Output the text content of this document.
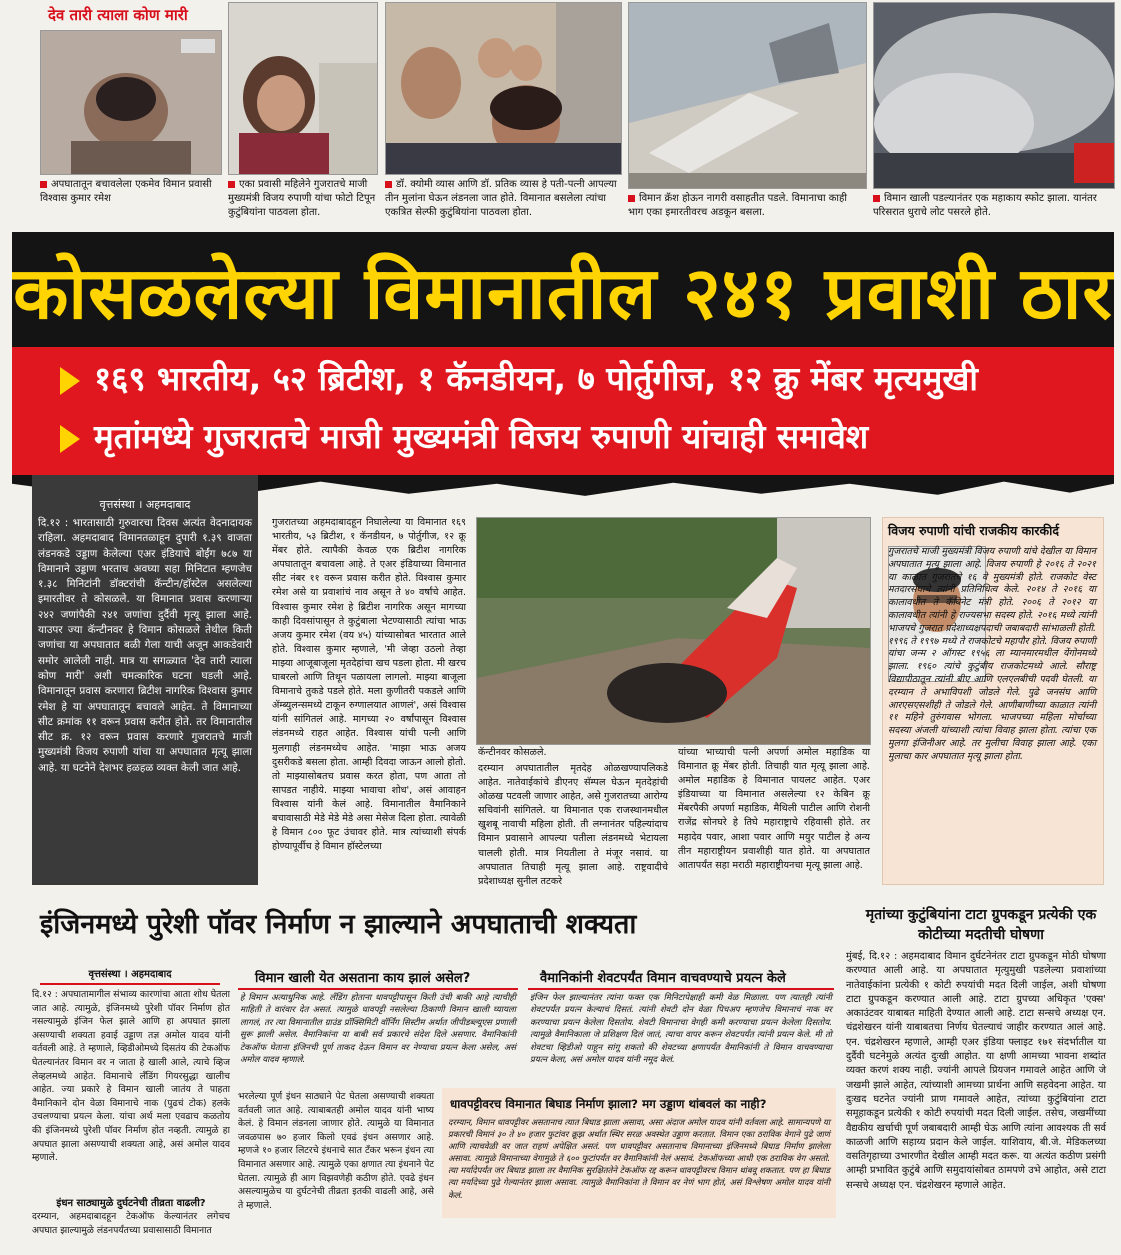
देव तारी त्याला कोण मारी
अपघातातून बचावलेला एकमेव विमान प्रवासी विश्वास कुमार रमेश
एका प्रवासी महिलेने गुजरातचे माजी मुख्यमंत्री विजय रुपाणी यांचा फोटो टिपून कुटुंबियांना पाठवला होता.
डॉ. क्योमी व्यास आणि डॉ. प्रतिक व्यास हे पती-पत्नी आपल्या तीन मुलांना घेऊन लंडनला जात होते. विमानात बसलेला त्यांचा एकत्रित सेल्फी कुटुंबियांना पाठवला होता.
विमान क्रॅश होऊन नागरी वसाहतीत पडले. विमानाचा काही भाग एका इमारतीवरच अडकून बसला.
विमान खाली पडल्यानंतर एक महाकाय स्फोट झाला. यानंतर परिसरात धुराचे लोट पसरले होते.
कोसळलेल्या विमानातील २४१ प्रवाशी ठार
१६९ भारतीय, ५२ ब्रिटीश, १ कॅनडीयन, ७ पोर्तुगीज, १२ क्रु मेंबर मृत्यमुखी
मृतांमध्ये गुजरातचे माजी मुख्यमंत्री विजय रुपाणी यांचाही समावेश
वृत्तसंस्था । अहमदाबाद
दि.१२ : भारतासाठी गुरुवारचा दिवस अत्यंत वेदनादायक राहिला. अहमदाबाद विमानतळाहून दुपारी १.३९ वाजता लंडनकडे उड्डाण केलेल्या एअर इंडियाचे बोईंग ७८७ या विमानाने उड्डाण भरताच अवघ्या सहा मिनिटात म्हणजेच १.३८ मिनिटांनी डॉक्टरांची कॅन्टीन/हॉस्टेल असलेल्या इमारतीवर ते कोसळले. या विमानात प्रवास करणाऱ्या २४२ जणांपैकी २४१ जणांचा दुर्दैवी मृत्यू झाला आहे. याउपर ज्या कॅन्टीनवर हे विमान कोसळले तेथील किती जणांचा या अपघातात बळी गेला याची अजून आकडेवारी समोर आलेली नाही. मात्र या सगळ्यात 'देव तारी त्याला कोण मारी' अशी चमत्कारिक घटना घडली आहे. विमानातून प्रवास करणारा ब्रिटीश नागरिक विश्वास कुमार रमेश हे या अपघातातून बचावले आहेत. ते विमानाच्या सीट क्रमांक ११ वरून प्रवास करीत होते. तर विमानातील सीट क्र. १२ वरून प्रवास करणारे गुजरातचे माजी मुख्यमंत्री विजय रुपाणी यांचा या अपघातात मृत्यू झाला आहे. या घटनेने देशभर हळहळ व्यक्त केली जात आहे.
गुजरातच्या अहमदाबादहून निघालेल्या या विमानात १६९ भारतीय, ५३ ब्रिटीश, १ कॅनडीयन, ७ पोर्तुगीज, १२ क्रू मेंबर होते. त्यापैकी केवळ एक ब्रिटीश नागरिक अपघातातून बचावला आहे. ते एअर इंडियाच्या विमानात सीट नंबर ११ वरून प्रवास करीत होते. विश्वास कुमार रमेश असे या प्रवाशांचं नाव असून ते ४० वर्षांचे आहेत. विश्वास कुमार रमेश हे ब्रिटीश नागरिक असून मागच्या काही दिवसांपासून ते कुटुंबाला भेटण्यासाठी त्यांचा भाऊ अजय कुमार रमेश (वय ४५) यांच्यासोबत भारतात आले होते. विश्वास कुमार म्हणाले, 'मी जेव्हा उठलो तेव्हा माझ्या आजूबाजूला मृतदेहांचा खच पडला होता. मी खरच घाबरलो आणि तिथून पळायला लागलो. माझ्या बाजूला विमानाचे तुकडे पडले होते. मला कुणीतरी पकडले आणि ॲम्ब्युलन्समध्ये टाकून रुग्णालयात आणलं', असं विश्वास यांनी सांगितलं आहे. मागच्या २० वर्षांपासून विश्वास लंडनमध्ये राहत आहेत. विश्वास यांची पत्नी आणि मुलगाही लंडनमध्येच आहेत. 'माझा भाऊ अजय दुसरीकडे बसला होता. आम्ही दिवदा जाऊन आलो होतो. तो माझ्यासोबतच प्रवास करत होता, पण आता तो सापडत नाहीये. माझ्या भावाचा शोध', असं आवाहन विश्वास यांनी केलं आहे. विमानातील वैमानिकाने बचावासाठी मेडे मेडे मेडे असा मेसेज दिला होता. त्यावेळी हे विमान ८०० फूट उंचावर होते. मात्र त्यांच्याशी संपर्क होण्यापूर्वीच हे विमान हॉस्टेलच्या
कॅन्टीनवर कोसळले.
दरम्यान अपघातातील मृतदेह ओळखण्यापलिकडे आहेत. नातेवाईकांचे डीएनए सॅम्पल घेऊन मृतदेहांची ओळख पटवली जाणार आहेत, असे गुजरातच्या आरोग्य सचिवांनी सांगितले. या विमानात एक राजस्थानमधील खुशबू नावाची महिला होती. ती लग्नानंतर पहिल्यांदाच विमान प्रवासाने आपल्या पतीला लंडनमध्ये भेटायला चालली होती. मात्र नियतीला ते मंजूर नसावं. या अपघातात तिचाही मृत्यू झाला आहे. राष्ट्रवादीचे प्रदेशाध्यक्ष सुनील तटकरे
यांच्या भाच्याची पत्नी अपर्णा अमोल महाडिक या विमानात क्रू मेंबर होती. तिचाही यात मृत्यू झाला आहे. अमोल महाडिक हे विमानात पायलट आहेत. एअर इंडियाच्या या विमानात असलेल्या १२ केबिन क्रू मेंबरपैकी अपर्णा महाडिक, मैथिली पाटील आणि रोशनी राजेंद्र सोनघरे हे तिघे महाराष्ट्राचे रहिवासी होते. तर महादेव पवार, आशा पवार आणि मयुर पाटील हे अन्य तीन महाराष्ट्रीयन प्रवाशीही यात होते. या अपघातात आतापर्यंत सहा मराठी महाराष्ट्रीयनचा मृत्यू झाला आहे.
विजय रुपाणी यांची राजकीय कारकीर्द
गुजरातचे माजी मुख्यमंत्री विजय रुपाणी यांचे देखील या विमान अपघातात मृत्यू झाला आहे. विजय रुपाणी हे २०१६ ते २०२१ या काळात गुजरातचे १६ वे मुख्यमंत्री होते. राजकोट वेस्ट मतदारसंघाचे त्यांनी प्रतिनिधित्व केले. २०१४ ते २०१६ या कालावधीत ते कॅबिनेट मंत्री होते. २००६ ते २०१२ या कालावधीत त्यांनी हे राज्यसभा सदस्य होते. २०१६ मध्ये त्यांनी भाजपचे गुजरात प्रदेशाध्यक्षपदाची जबाबदारी सांभाळली होती. १९९६ ते १९९७ मध्ये ते राजकोटचे महापौर होते. विजय रुपाणी यांचा जन्म २ ऑगस्ट १९५६ ला म्यानमारमधील येंगोनमध्ये झाला. १९६० त्यांचे कुटुंबीय राजकोटमध्ये आले. सौराष्ट्र विद्यापीठातून त्यांनी बीए आणि एलएलबीची पदवी घेतली. या दरम्यान ते अभाविपशी जोडले गेले. पुढे जनसंघ आणि आरएसएसशीही ते जोडले गेले. आणीबाणीच्या काळात त्यांनी ११ महिने तुरुंगवास भोगला. भाजपच्या महिला मोर्चाच्या सदस्या अंजली यांच्याशी त्यांचा विवाह झाला होता. त्यांचा एक मुलगा इंजिनीअर आहे. तर मुलीचा विवाह झाला आहे. एका मुलाचा कार अपघातात मृत्यू झाला होता.
इंजिनमध्ये पुरेशी पॉवर निर्माण न झाल्याने अपघाताची शक्यता
वृत्तसंस्था । अहमदाबाद
दि.१२ : अपघातामागील संभाव्य कारणांचा आता शोध घेतला जात आहे. त्यामुळे, इंजिनमध्ये पुरेशी पॉवर निर्माण होत नसल्यामुळे इंजिन फेल झाले आणि हा अपघात झाला असण्याची शक्यता हवाई उड्डाण तज्ञ अमोल यादव यांनी वर्तवली आहे. ते म्हणाले, व्हिडीओमध्ये दिसतंय की टेकऑफ घेतल्यानंतर विमान वर न जाता हे खाली आले, त्याचे व्हिज लेव्हलमध्ये आहेत. विमानाचे लँडिंग गियरसुद्धा खालीच आहेत. ज्या प्रकारे हे विमान खाली जातंय ते पाहता वैमानिकाने दोन वेळा विमानाचे नाक (पुढचं टोक) हलके उचलण्याचा प्रयत्न केला. यांचा अर्थ मला एवढाच कळतोय की इंजिनमध्ये पुरेशी पॉवर निर्माण होत नव्हती. त्यामुळे हा अपघात झाला असण्याची शक्यता आहे, असं अमोल यादव म्हणाले.
इंधन साठ्यामुळे दुर्घटनेची तीव्रता वाढली?
दरम्यान, अहमदाबादहून टेकऑफ केल्यानंतर लगेचच अपघात झाल्यामुळे लंडनपर्यंतच्या प्रवासासाठी विमानात
विमान खाली येत असताना काय झालं असेल?
हे विमान अत्याधुनिक आहे. लँडिंग होताना धावपट्टीपासून किती उंची बाकी आहे त्याचीही माहिती ते वारंवार देत असतं. त्यामुळे धावपट्टी नसलेल्या ठिकाणी विमान खाली घ्यायला लागलं, तर त्या विमानातील ग्राउंड प्रॉक्सिमिटी वॉर्निंग सिस्टीम अर्थात जीपीडब्ल्यूएस प्रणाली सुरू झाली असेल. वैमानिकांना या बाबी सर्व प्रकारचे संदेश दिले असणार. वैमानिकांनी टेकऑफ घेताना इंजिनची पूर्ण ताकद देऊन विमान वर नेण्याचा प्रयत्न केला असेल, असं अमोल यादव म्हणाले.
वैमानिकांनी शेवटपर्यंत विमान वाचवण्याचे प्रयत्न केले
इंजिन फेल झाल्यानंतर त्यांना फक्त एक मिनिटापेक्षाही कमी वेळ मिळाला. पण त्यातही त्यांनी शेवटपर्यंत प्रयत्न केल्याचं दिसतं. त्यांनी शेवटी दोन वेळा पिचअप म्हणजेच विमानाचं नाक वर करण्याचा प्रयत्न केलेला दिसतोय. शेवटी विमानाचा वेगही कमी करण्याचा प्रयत्न केलेला दिसतोय. त्यामुळे वैमानिकाला जे प्रशिक्षण दिलं जातं, त्याचा वापर करून शेवटपर्यंत त्यांनी प्रयत्न केले. मी तो शेवटचा व्हिडीओ पाहून सांगू शकतो की शेवटच्या क्षणापर्यंत वैमानिकांनी ते विमान वाचवण्याचा प्रयत्न केला, असं अमोल यादव यांनी नमूद केलं.
भरलेल्या पूर्ण इंधन साठ्याने पेट घेतला असण्याची शक्यता वर्तवली जात आहे. त्याबाबतही अमोल यादव यांनी भाष्य केलं. हे विमान लंडनला जाणार होते. त्यामुळे या विमानात जवळपास ७० हजार किलो एवढं इंधन असणार आहे. म्हणजे १० हजार लिटरचे इंधनाचे सात टँकर भरून इंधन त्या विमानात असणार आहे. त्यामुळे एका क्षणात त्या इंधनाने पेट घेतला. त्यामुळे ही आग विझवणेही कठीण होते. एवढे इंधन असल्यामुळेच या दुर्घटनेची तीव्रता इतकी वाढली आहे, असे ते म्हणाले.
धावपट्टीवरच विमानात बिघाड निर्माण झाला? मग उड्डाण थांबवलं का नाही?
दरम्यान, विमान धावपट्टीवर असतानाच त्यात बिघाड झाला असावा, असा अंदाज अमोल यादव यांनी वर्तवला आहे. सामान्यपणे या प्रकारची विमानं ३० ते ४० हजार फुटांवर क्रूझ अर्थात स्थिर सरळ अवस्थेत उड्डाण करतात. विमान एका ठराविक वेगाने पुढे जाणं आणि त्याचवेळी वर जात राहणं अपेक्षित असतं. पण धावपट्टीवर असतानाच विमानाच्या इंजिनमध्ये बिघाड निर्माण झालेला असावा. त्यामुळे विमानाच्या वेगामुळे ते ६०० फुटांपर्यंत वर वैमानिकांनी नेलं असावं. टेकऑफच्या आधी एक ठराविक वेग असतो. त्या मर्यादेपर्यंत जर बिघाड झाला तर वैमानिक सुरक्षिततेने टेकऑफ रद्द करून धावपट्टीवरच विमान थांबवू शकतात. पण हा बिघाड त्या मर्यादेच्या पुढे गेल्यानंतर झाला असावा. त्यामुळे वैमानिकांना ते विमान वर नेणं भाग होतं, असं विश्लेषण अमोल यादव यांनी केलं.
मृतांच्या कुटुंबियांना टाटा ग्रुपकडून प्रत्येकी एक कोटीच्या मदतीची घोषणा
मुंबई, दि.१२ : अहमदाबाद विमान दुर्घटनेनंतर टाटा ग्रुपकडून मोठी घोषणा करण्यात आली आहे. या अपघातात मृत्युमुखी पडलेल्या प्रवाशांच्या नातेवाईकांना प्रत्येकी १ कोटी रुपयांची मदत दिली जाईल, अशी घोषणा टाटा ग्रुपकडून करण्यात आली आहे. टाटा ग्रुपच्या अधिकृत 'एक्स' अकाउंटवर याबाबत माहिती देण्यात आली आहे. टाटा सन्सचे अध्यक्ष एन. चंद्रशेखरन यांनी याबाबतचा निर्णय घेतल्याचं जाहीर करण्यात आलं आहे. एन. चंद्रशेखरन म्हणाले, आम्ही एअर इंडिया फ्लाइट १७१ संदर्भातील या दुर्दैवी घटनेमुळे अत्यंत दुःखी आहोत. या क्षणी आमच्या भावना शब्दांत व्यक्त करणं शक्य नाही. ज्यांनी आपले प्रियजन गमावले आहेत आणि जे जखमी झाले आहेत, त्यांच्याशी आमच्या प्रार्थना आणि सहवेदना आहेत. या दुःखद घटनेत ज्यांनी प्राण गमावले आहेत, त्यांच्या कुटुंबियांना टाटा समूहाकडून प्रत्येकी १ कोटी रुपयांची मदत दिली जाईल. तसेच, जखमींच्या वैद्यकीय खर्चाची पूर्ण जबाबदारी आम्ही घेऊ आणि त्यांना आवश्यक ती सर्व काळजी आणि सहाय्य प्रदान केले जाईल. याशिवाय, बी.जे. मेडिकलच्या वसतिगृहाच्या उभारणीत देखील आम्ही मदत करू. या अत्यंत कठीण प्रसंगी आम्ही प्रभावित कुटुंबे आणि समुदायांसोबत ठामपणे उभे आहोत, असे टाटा सन्सचे अध्यक्ष एन. चंद्रशेखरन म्हणाले आहेत.
